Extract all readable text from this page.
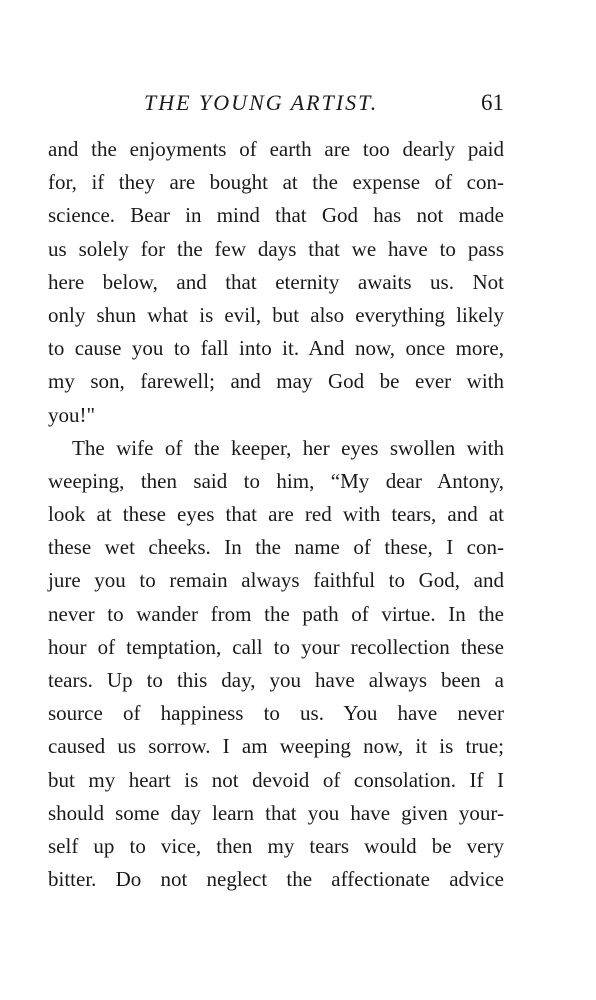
THE YOUNG ARTIST.	61
and the enjoyments of earth are too dearly paid
for, if they are bought at the expense of con-
science. Bear in mind that God has not made
us solely for the few days that we have to pass
here below, and that eternity awaits us. Not
only shun what is evil, but also everything likely
to cause you to fall into it. And now, once more,
my son, farewell; and may God be ever with
you!"
The wife of the keeper, her eyes swollen with
weeping, then said to him, “My dear Antony,
look at these eyes that are red with tears, and at
these wet cheeks. In the name of these, I con-
jure you to remain always faithful to God, and
never to wander from the path of virtue. In the
hour of temptation, call to your recollection these
tears. Up to this day, you have always been a
source of happiness to us. You have never
caused us sorrow. I am weeping now, it is true;
but my heart is not devoid of consolation. If I
should some day learn that you have given your-
self up to vice, then my tears would be very
bitter. Do not neglect the affectionate advice
